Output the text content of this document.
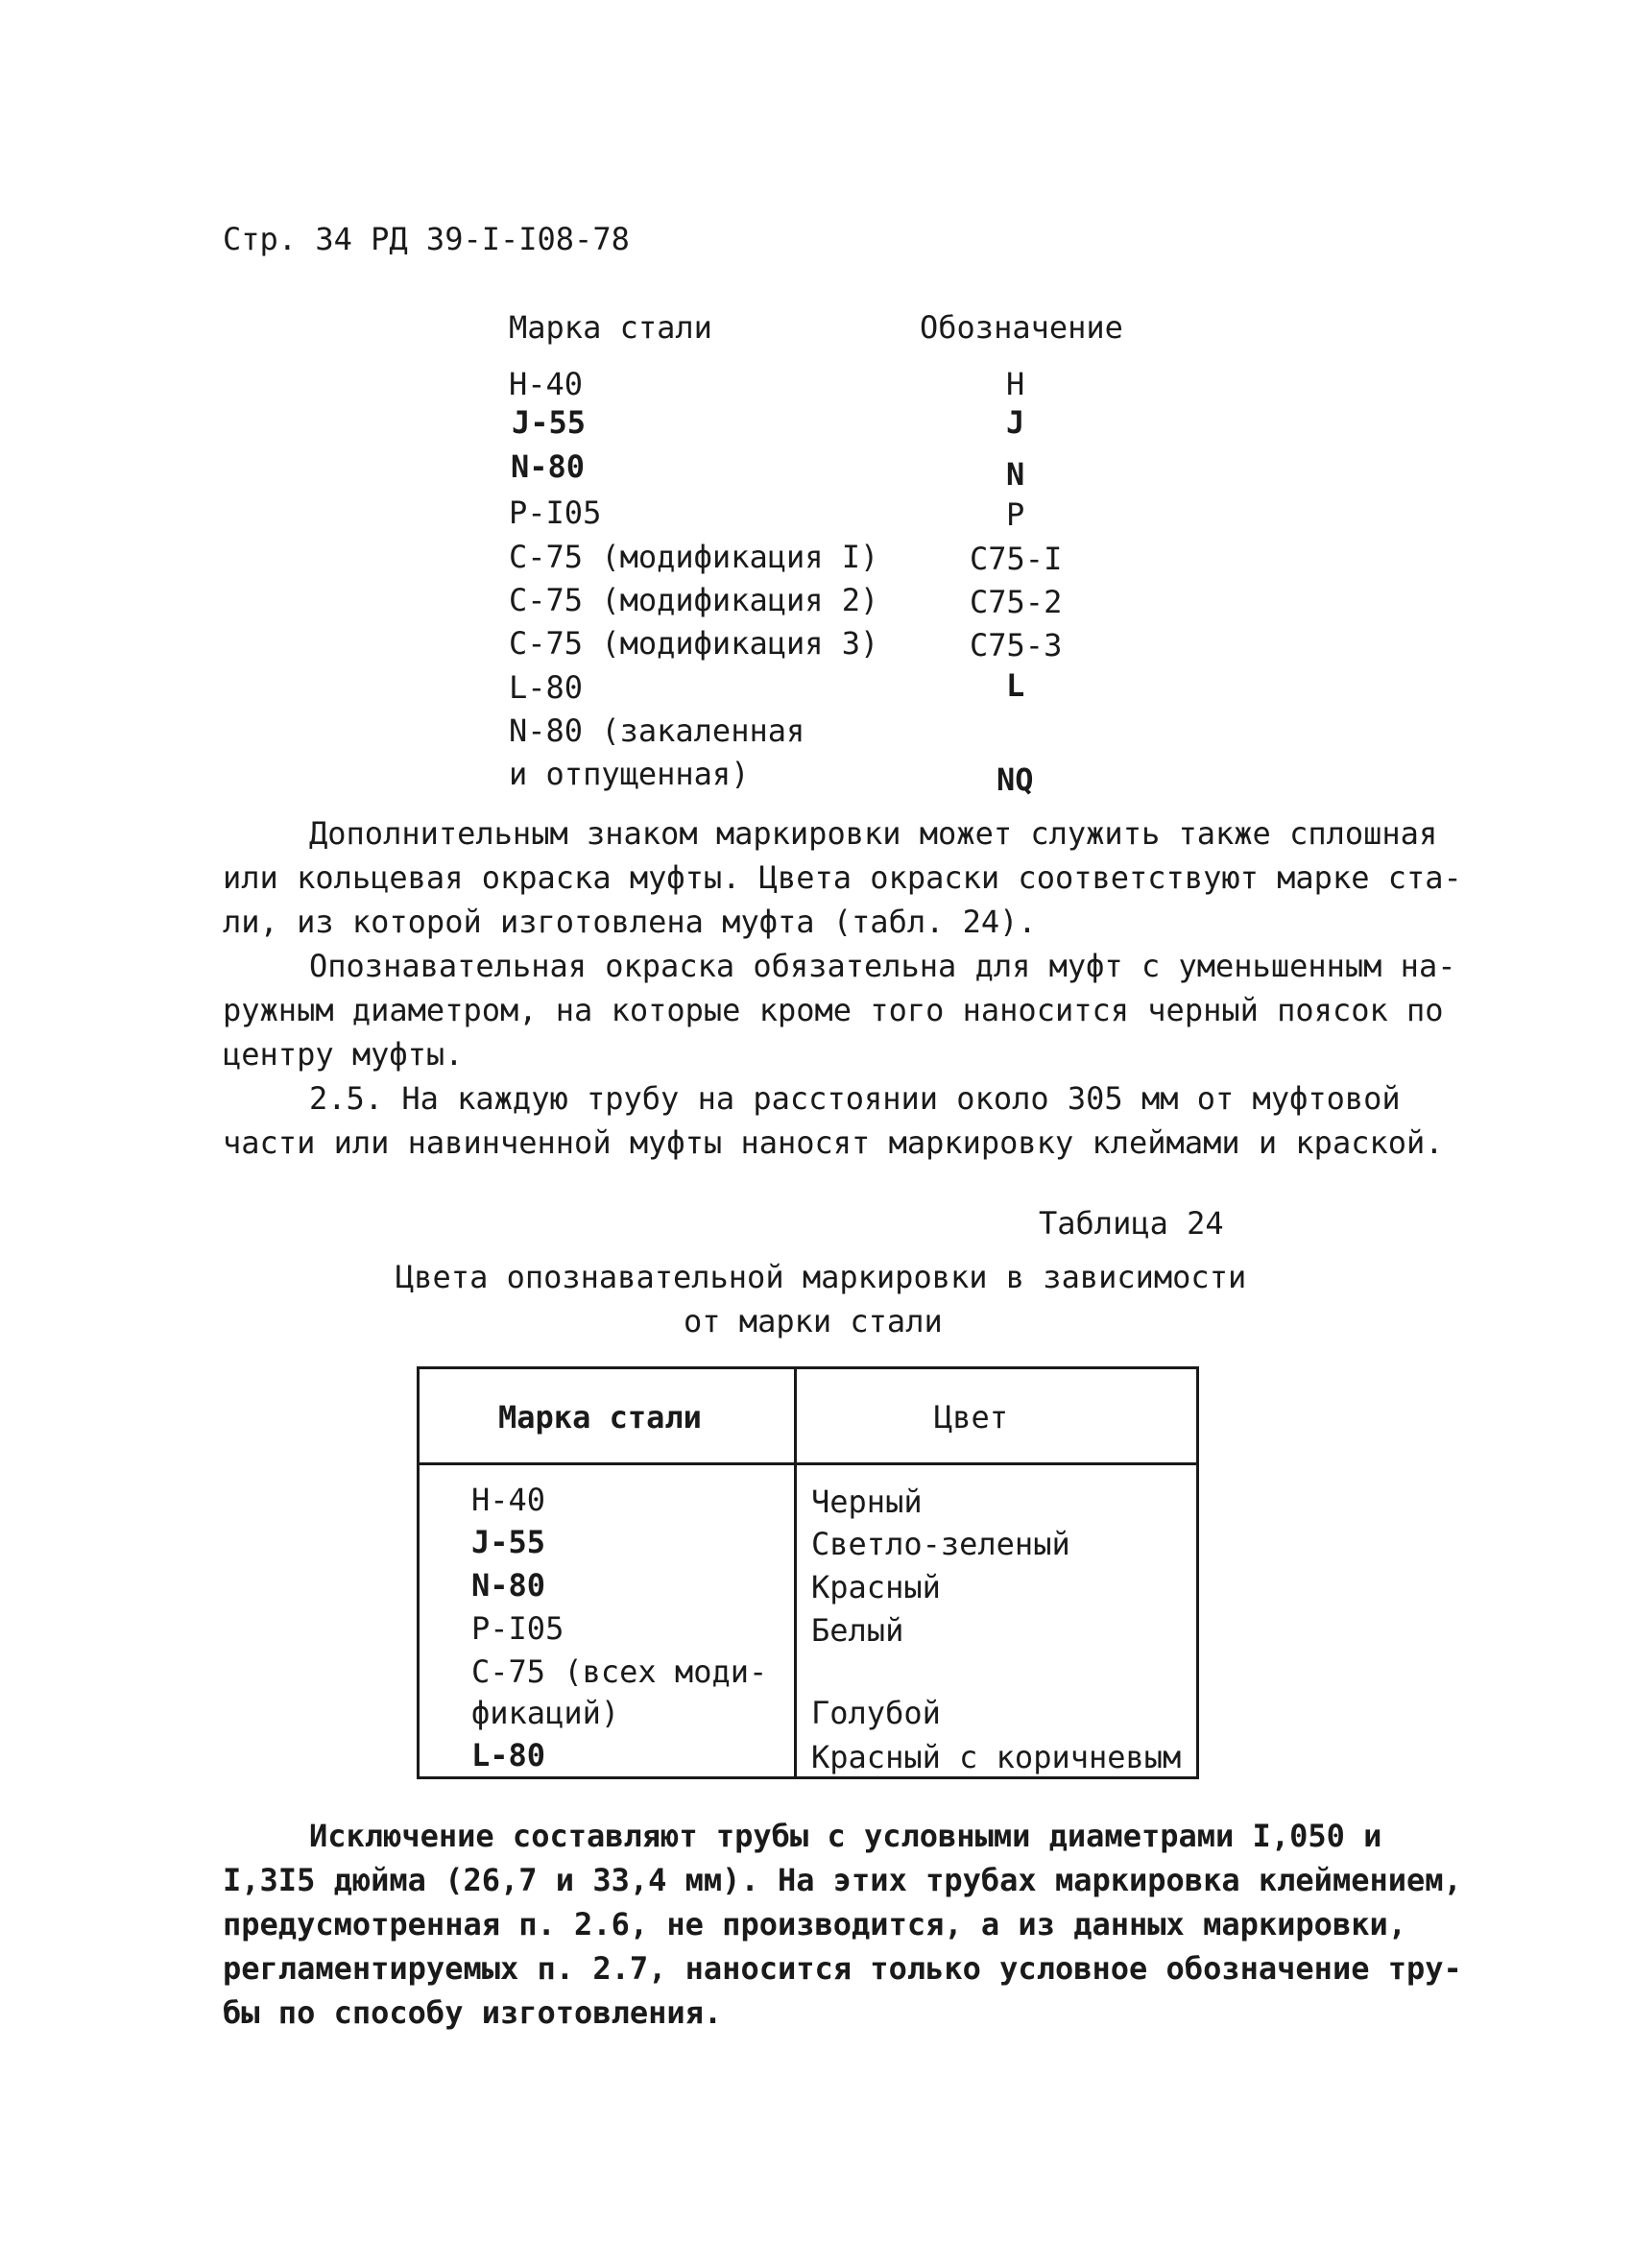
Стр. 34 РД 39-I-I08-78
Марка стали	Обозначение
Н-40	Н
J-55	J
N-80	N
Р-I05	Р
С-75 (модификация I)	С75-I
С-75 (модификация 2)	С75-2
С-75 (модификация 3)	С75-3
L-80	L
N-80 (закаленная
и отпущенная)	NQ
Дополнительным знаком маркировки может служить также сплошная
или кольцевая окраска муфты. Цвета окраски соответствуют марке ста-
ли, из которой изготовлена муфта (табл. 24).
Опознавательная окраска обязательна для муфт с уменьшенным на-
ружным диаметром, на которые кроме того наносится черный поясок по
центру муфты.
2.5. На каждую трубу на расстоянии около 305 мм от муфтовой
части или навинченной муфты наносят маркировку клеймами и краской.
Таблица 24
Цвета опознавательной маркировки в зависимости
от марки стали
Марка стали	Цвет
Н-40	Черный
J-55	Светло-зеленый
N-80	Красный
Р-I05	Белый
С-75 (всех моди-
фикаций)	Голубой
L-80	Красный с коричневым
Исключение составляют трубы с условными диаметрами I,050 и
I,3I5 дюйма (26,7 и 33,4 мм). На этих трубах маркировка клеймением,
предусмотренная п. 2.6, не производится, а из данных маркировки,
регламентируемых п. 2.7, наносится только условное обозначение тру-
бы по способу изготовления.
